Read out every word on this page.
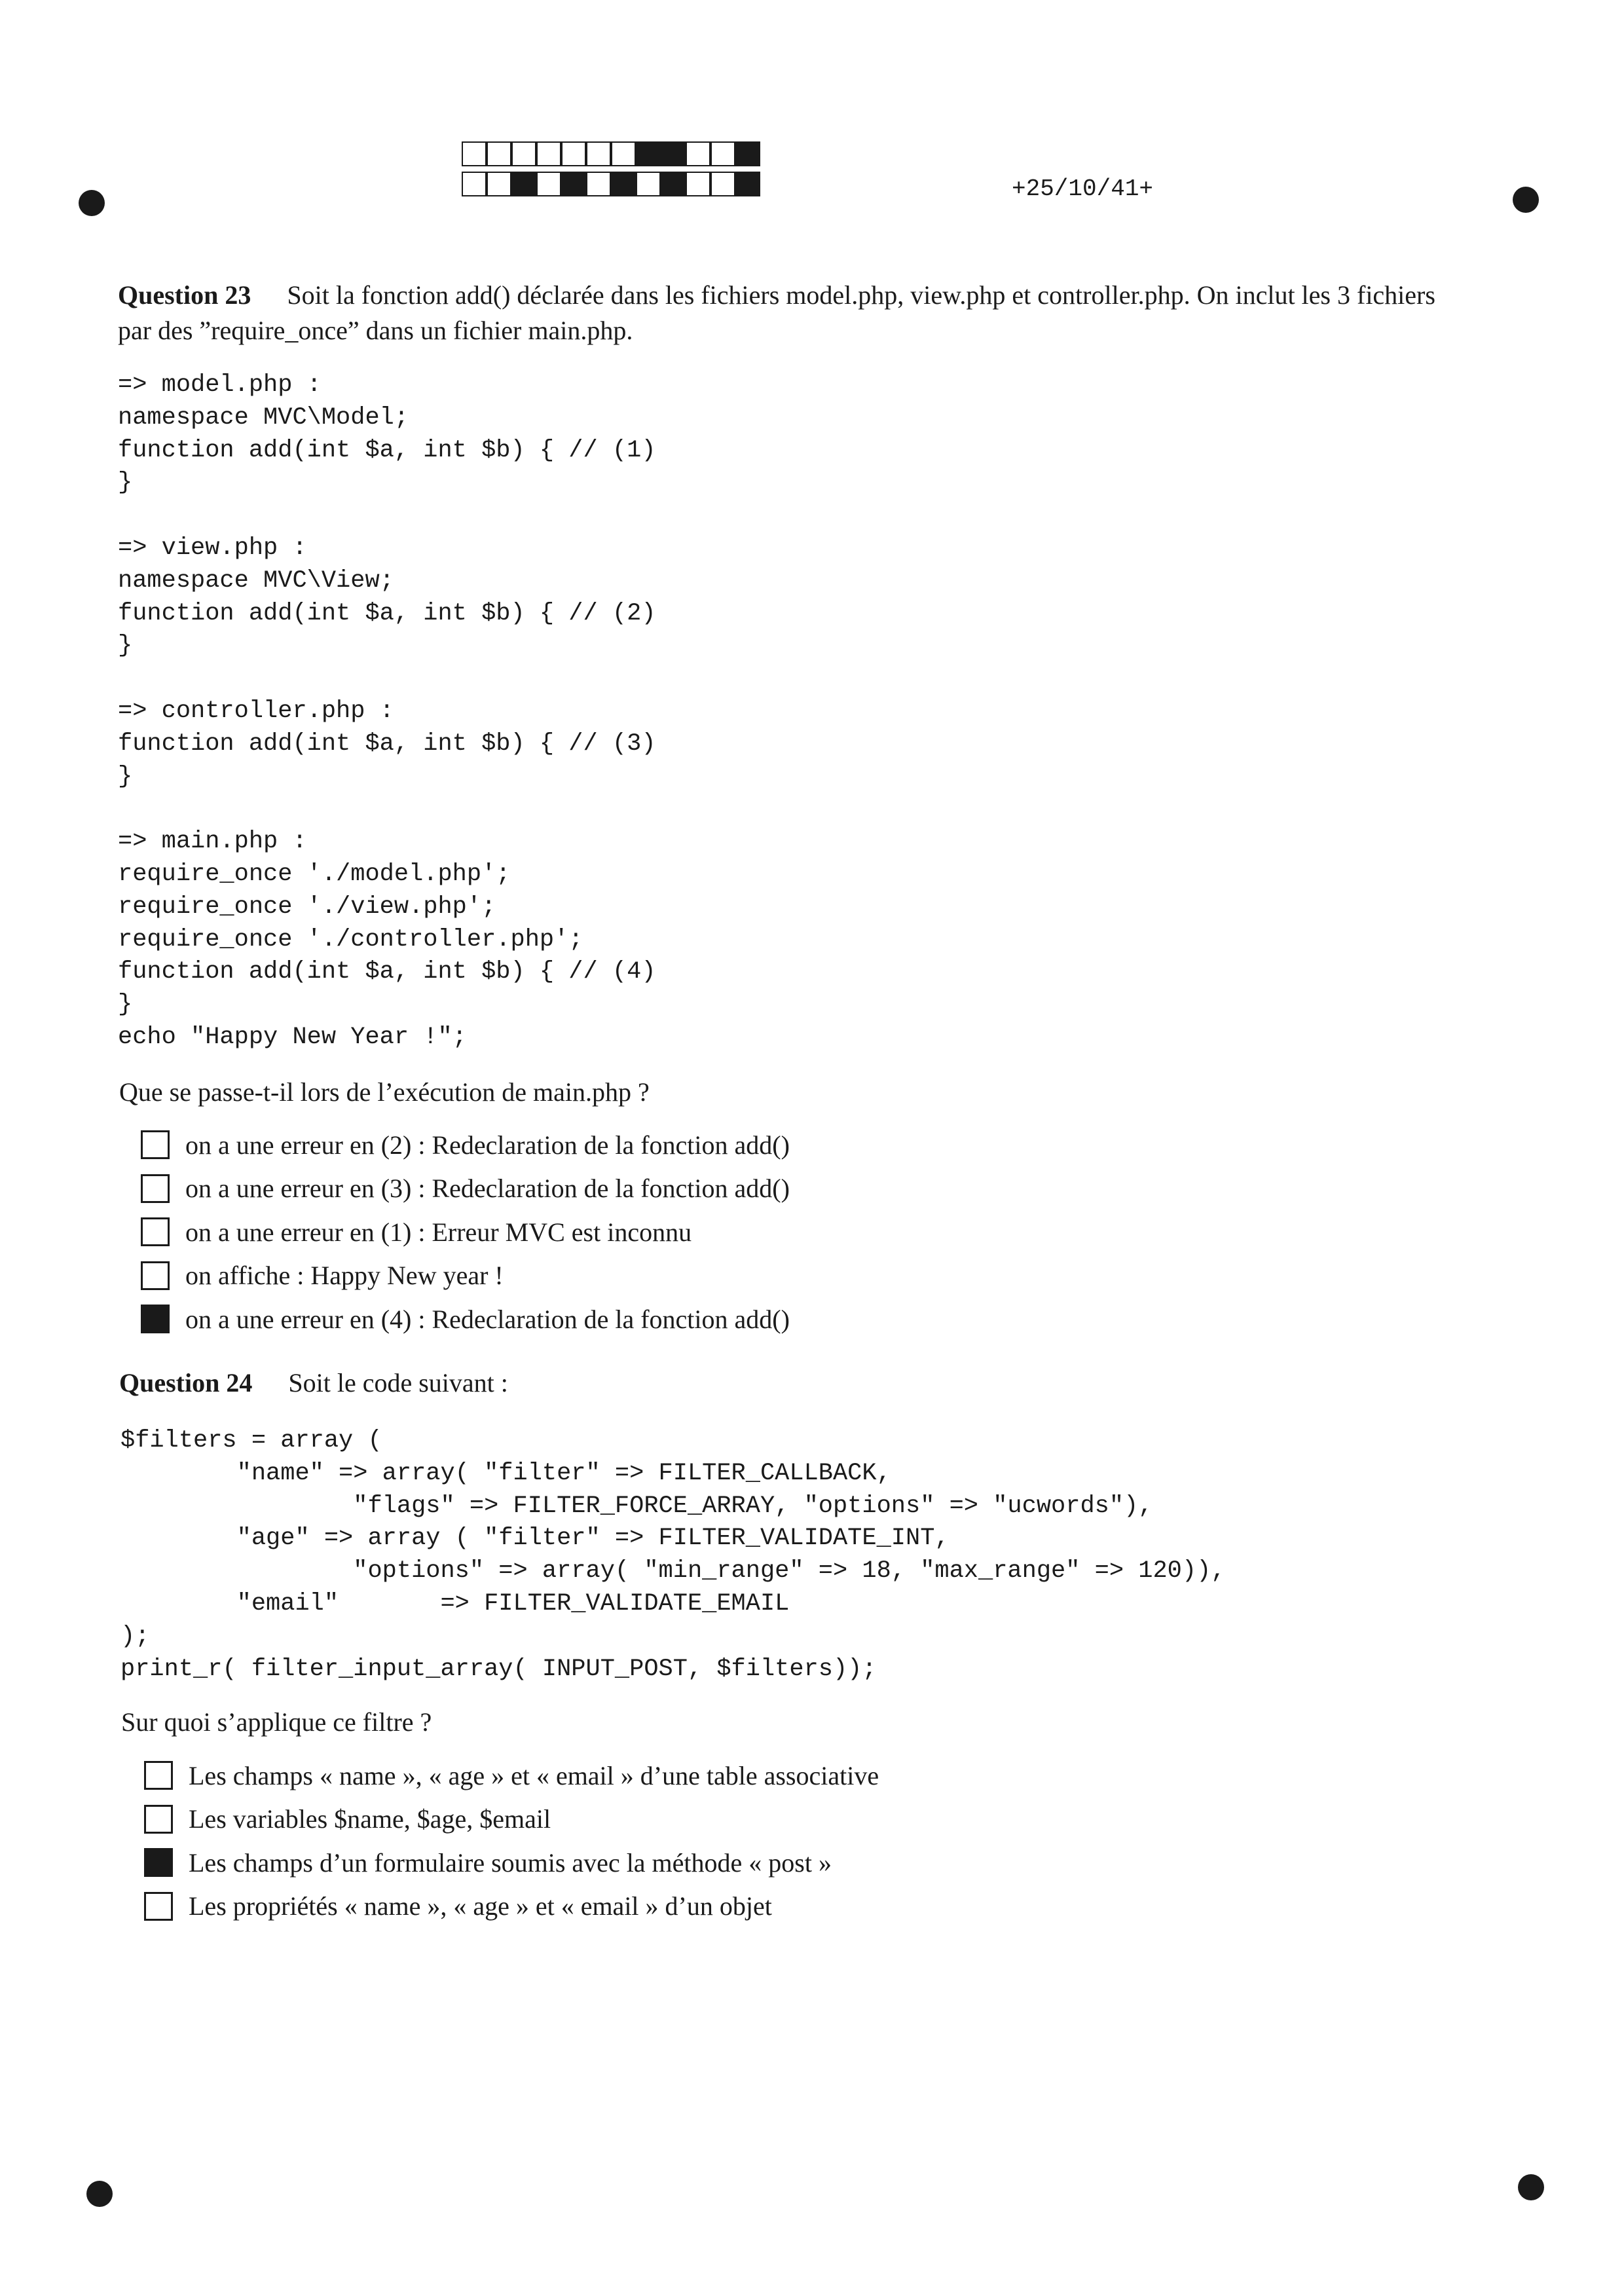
+25/10/41+
Question 23 Soit la fonction add() déclarée dans les fichiers model.php, view.php et controller.php. On inclut les 3 fichiers
par des ”require_once” dans un fichier main.php.
=> model.php :
namespace MVC\Model;
function add(int $a, int $b) { // (1)
}

=> view.php :
namespace MVC\View;
function add(int $a, int $b) { // (2)
}

=> controller.php :
function add(int $a, int $b) { // (3)
}

=> main.php :
require_once './model.php';
require_once './view.php';
require_once './controller.php';
function add(int $a, int $b) { // (4)
}
echo "Happy New Year !";
Que se passe-t-il lors de l’exécution de main.php ?
on a une erreur en (2) : Redeclaration de la fonction add()
on a une erreur en (3) : Redeclaration de la fonction add()
on a une erreur en (1) : Erreur MVC est inconnu
on affiche : Happy New year !
on a une erreur en (4) : Redeclaration de la fonction add()
Question 24 Soit le code suivant :
$filters = array (
"name" => array( "filter" => FILTER_CALLBACK,
"flags" => FILTER_FORCE_ARRAY, "options" => "ucwords"),
"age" => array ( "filter" => FILTER_VALIDATE_INT,
"options" => array( "min_range" => 18, "max_range" => 120)),
"email"       => FILTER_VALIDATE_EMAIL
);
print_r( filter_input_array( INPUT_POST, $filters));
Sur quoi s’applique ce filtre ?
Les champs « name », « age » et « email » d’une table associative
Les variables $name, $age, $email
Les champs d’un formulaire soumis avec la méthode « post »
Les propriétés « name », « age » et « email » d’un objet
